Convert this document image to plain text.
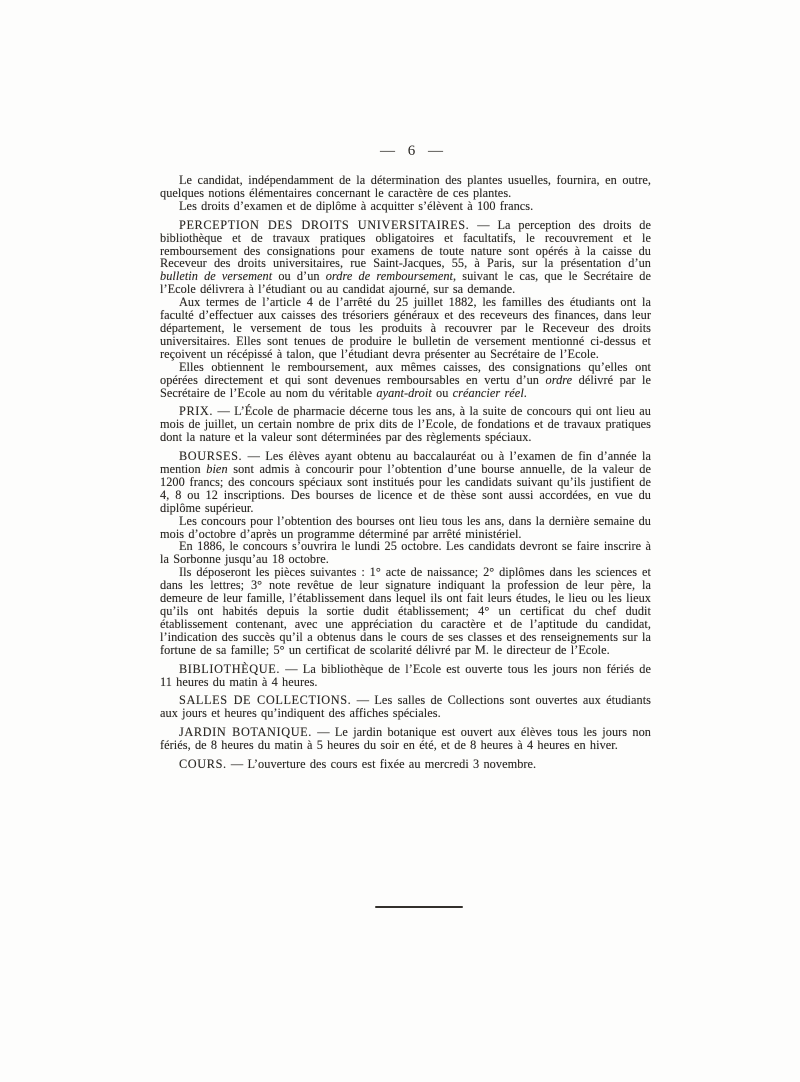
— 6 —

Le candidat, indépendamment de la détermination des plantes usuelles, fournira, en outre, quelques notions élémentaires concernant le caractère de ces plantes.

Les droits d’examen et de diplôme à acquitter s’élèvent à 100 francs.

PERCEPTION DES DROITS UNIVERSITAIRES. — La perception des droits de bibliothèque et de travaux pratiques obligatoires et facultatifs, le recouvrement et le remboursement des consignations pour examens de toute nature sont opérés à la caisse du Receveur des droits universitaires, rue Saint-Jacques, 55, à Paris, sur la présentation d’un bulletin de versement ou d’un ordre de remboursement, suivant le cas, que le Secrétaire de l’Ecole délivrera à l’étudiant ou au candidat ajourné, sur sa demande.

Aux termes de l’article 4 de l’arrêté du 25 juillet 1882, les familles des étudiants ont la faculté d’effectuer aux caisses des trésoriers généraux et des receveurs des finances, dans leur département, le versement de tous les produits à recouvrer par le Receveur des droits universitaires. Elles sont tenues de produire le bulletin de versement mentionné ci-dessus et reçoivent un récépissé à talon, que l’étudiant devra présenter au Secrétaire de l’Ecole.

Elles obtiennent le remboursement, aux mêmes caisses, des consignations qu’elles ont opérées directement et qui sont devenues remboursables en vertu d’un ordre délivré par le Secrétaire de l’Ecole au nom du véritable ayant-droit ou créancier réel.

PRIX. — L’École de pharmacie décerne tous les ans, à la suite de concours qui ont lieu au mois de juillet, un certain nombre de prix dits de l’Ecole, de fondations et de travaux pratiques dont la nature et la valeur sont déterminées par des règlements spéciaux.

BOURSES. — Les élèves ayant obtenu au baccalauréat ou à l’examen de fin d’année la mention bien sont admis à concourir pour l’obtention d’une bourse annuelle, de la valeur de 1200 francs; des concours spéciaux sont institués pour les candidats suivant qu’ils justifient de 4, 8 ou 12 inscriptions. Des bourses de licence et de thèse sont aussi accordées, en vue du diplôme supérieur.

Les concours pour l’obtention des bourses ont lieu tous les ans, dans la dernière semaine du mois d’octobre d’après un programme déterminé par arrêté ministériel.

En 1886, le concours s’ouvrira le lundi 25 octobre. Les candidats devront se faire inscrire à la Sorbonne jusqu’au 18 octobre.

Ils déposeront les pièces suivantes : 1° acte de naissance; 2° diplômes dans les sciences et dans les lettres; 3° note revêtue de leur signature indiquant la profession de leur père, la demeure de leur famille, l’établissement dans lequel ils ont fait leurs études, le lieu ou les lieux qu’ils ont habités depuis la sortie dudit établissement; 4° un certificat du chef dudit établissement contenant, avec une appréciation du caractère et de l’aptitude du candidat, l’indication des succès qu’il a obtenus dans le cours de ses classes et des renseignements sur la fortune de sa famille; 5° un certificat de scolarité délivré par M. le directeur de l’Ecole.

BIBLIOTHÈQUE. — La bibliothèque de l’Ecole est ouverte tous les jours non fériés de 11 heures du matin à 4 heures.

SALLES DE COLLECTIONS. — Les salles de Collections sont ouvertes aux étudiants aux jours et heures qu’indiquent des affiches spéciales.

JARDIN BOTANIQUE. — Le jardin botanique est ouvert aux élèves tous les jours non fériés, de 8 heures du matin à 5 heures du soir en été, et de 8 heures à 4 heures en hiver.

COURS. — L’ouverture des cours est fixée au mercredi 3 novembre.
